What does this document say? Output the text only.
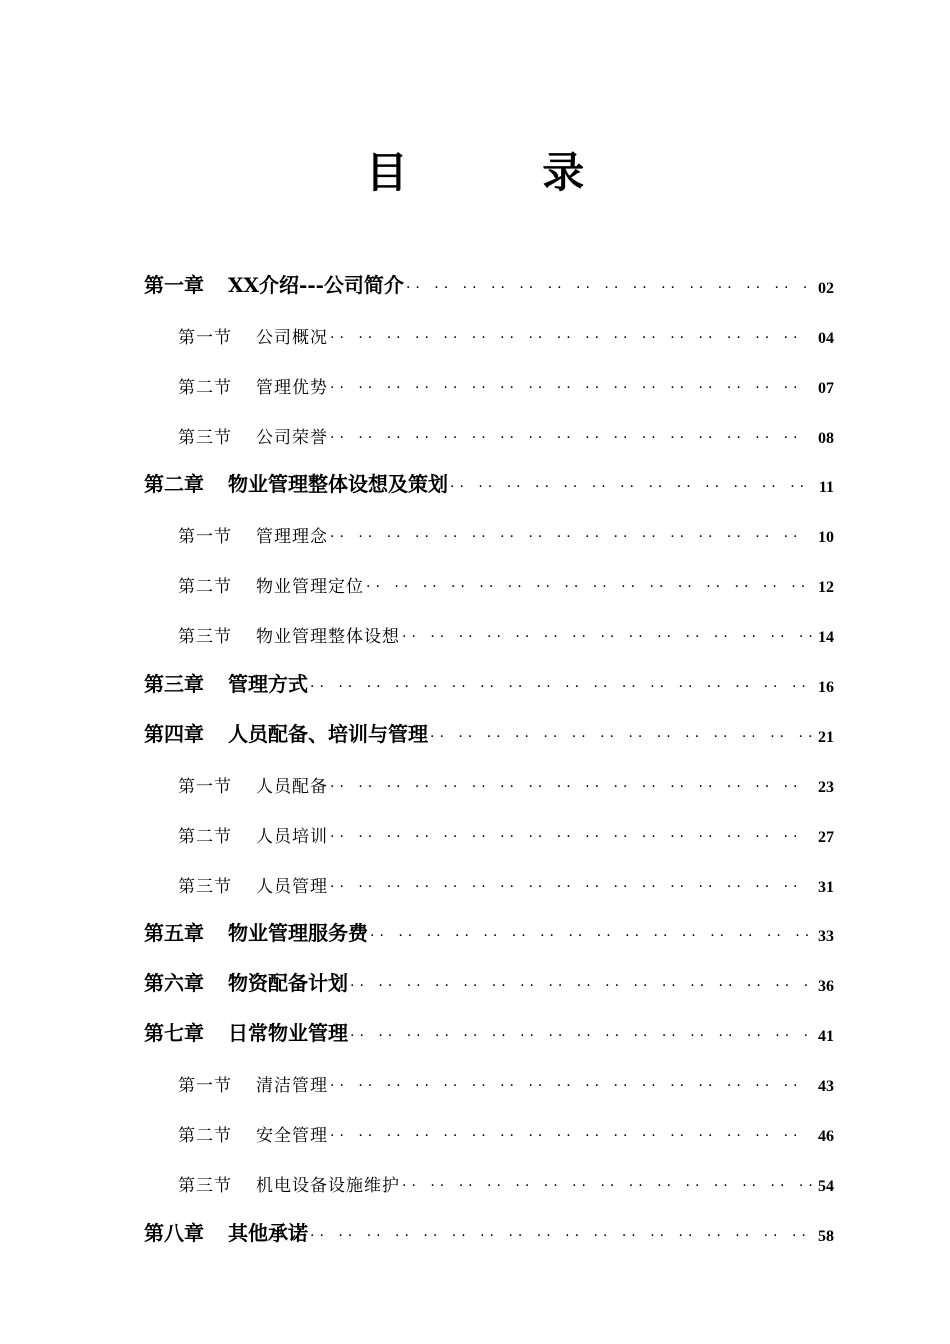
目 录
第一章 XX介绍---公司简介 ·· ··	02
第一节 公司概况 ·· ··	04
第二节 管理优势 ·· ··	07
第三节 公司荣誉 ·· ··	08
第二章 物业管理整体设想及策划 ·· ··	11
第一节 管理理念 ·· ··	10
第二节 物业管理定位 ·· ··	12
第三节 物业管理整体设想 ·· ··	14
第三章 管理方式 ·· ··	16
第四章 人员配备、培训与管理 ·· ··	21
第一节 人员配备 ·· ··	23
第二节 人员培训 ·· ··	27
第三节 人员管理 ·· ··	31
第五章 物业管理服务费 ·· ··	33
第六章 物资配备计划 ·· ··	36
第七章 日常物业管理 ·· ··	41
第一节 清洁管理 ·· ··	43
第二节 安全管理 ·· ··	46
第三节 机电设备设施维护 ·· ··	54
第八章 其他承诺 ·· ··	58
